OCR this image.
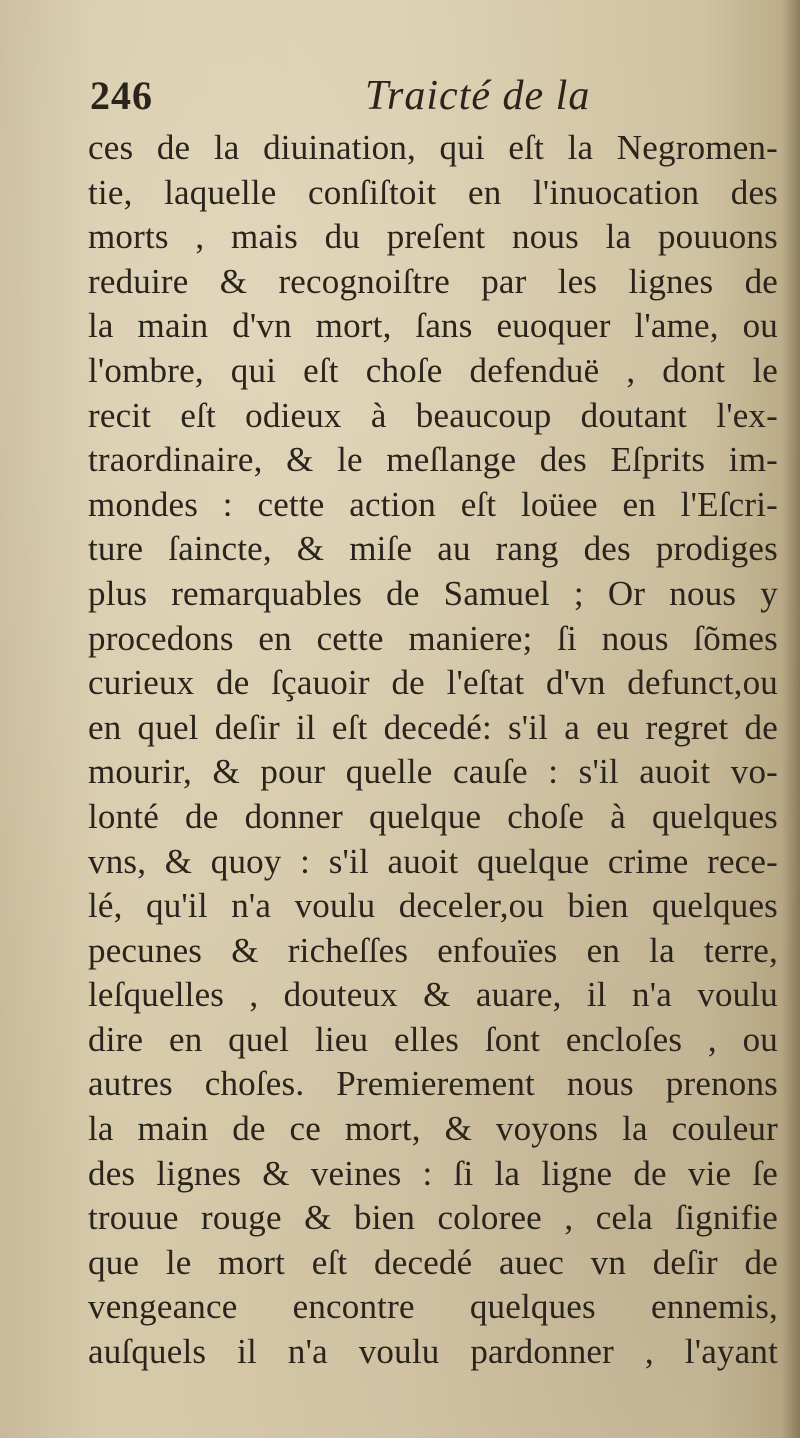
246	Traicté de la
ces de la diuination, qui eſt la Negromen-
tie, laquelle conſiſtoit en l'inuocation des
morts , mais du preſent nous la pouuons
reduire & recognoiſtre par les lignes de
la main d'vn mort, ſans euoquer l'ame, ou
l'ombre, qui eſt choſe defenduë , dont le
recit eſt odieux à beaucoup doutant l'ex-
traordinaire, & le meſlange des Eſprits im-
mondes : cette action eſt loüee en l'Eſcri-
ture ſaincte, & miſe au rang des prodiges
plus remarquables de Samuel ; Or nous y
procedons en cette maniere; ſi nous ſõmes
curieux de ſçauoir de l'eſtat d'vn defunct,ou
en quel deſir il eſt decedé: s'il a eu regret de
mourir, & pour quelle cauſe : s'il auoit vo-
lonté de donner quelque choſe à quelques
vns, & quoy : s'il auoit quelque crime rece-
lé, qu'il n'a voulu deceler,ou bien quelques
pecunes & richeſſes enfouïes en la terre,
leſquelles , douteux & auare, il n'a voulu
dire en quel lieu elles ſont encloſes , ou
autres choſes. Premierement nous prenons
la main de ce mort, & voyons la couleur
des lignes & veines : ſi la ligne de vie ſe
trouue rouge & bien coloree , cela ſignifie
que le mort eſt decedé auec vn deſir de
vengeance encontre quelques ennemis,
auſquels il n'a voulu pardonner , l'ayant
